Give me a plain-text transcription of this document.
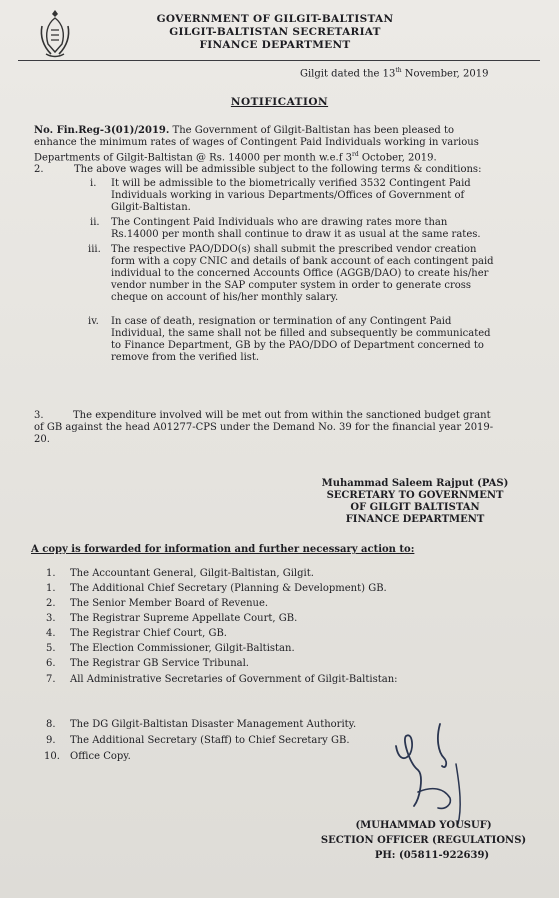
GOVERNMENT OF GILGIT-BALTISTAN
GILGIT-BALTISTAN SECRETARIAT
FINANCE DEPARTMENT
Gilgit dated the 13th November, 2019
NOTIFICATION
No. Fin.Reg-3(01)/2019. The Government of Gilgit-Baltistan has been pleased to
enhance the minimum rates of wages of Contingent Paid Individuals working in various
Departments of Gilgit-Baltistan @ Rs. 14000 per month w.e.f 3rd October, 2019.
2.	The above wages will be admissible subject to the following terms & conditions:
i. It will be admissible to the biometrically verified 3532 Contingent Paid
Individuals working in various Departments/Offices of Government of
Gilgit-Baltistan.
ii. The Contingent Paid Individuals who are drawing rates more than
Rs.14000 per month shall continue to draw it as usual at the same rates.
iii. The respective PAO/DDO(s) shall submit the prescribed vendor creation
form with a copy CNIC and details of bank account of each contingent paid
individual to the concerned Accounts Office (AGGB/DAO) to create his/her
vendor number in the SAP computer system in order to generate cross
cheque on account of his/her monthly salary.
iv. In case of death, resignation or termination of any Contingent Paid
Individual, the same shall not be filled and subsequently be communicated
to Finance Department, GB by the PAO/DDO of Department concerned to
remove from the verified list.
3.	The expenditure involved will be met out from within the sanctioned budget grant
of GB against the head A01277-CPS under the Demand No. 39 for the financial year 2019-
20.
Muhammad Saleem Rajput (PAS)
SECRETARY TO GOVERNMENT
OF GILGIT BALTISTAN
FINANCE DEPARTMENT
A copy is forwarded for information and further necessary action to:
1. The Accountant General, Gilgit-Baltistan, Gilgit.
1. The Additional Chief Secretary (Planning & Development) GB.
2. The Senior Member Board of Revenue.
3. The Registrar Supreme Appellate Court, GB.
4. The Registrar Chief Court, GB.
5. The Election Commissioner, Gilgit-Baltistan.
6. The Registrar GB Service Tribunal.
7. All Administrative Secretaries of Government of Gilgit-Baltistan:
8. The DG Gilgit-Baltistan Disaster Management Authority.
9. The Additional Secretary (Staff) to Chief Secretary GB.
10. Office Copy.
(MUHAMMAD YOUSUF)
SECTION OFFICER (REGULATIONS)
PH: (05811-922639)
